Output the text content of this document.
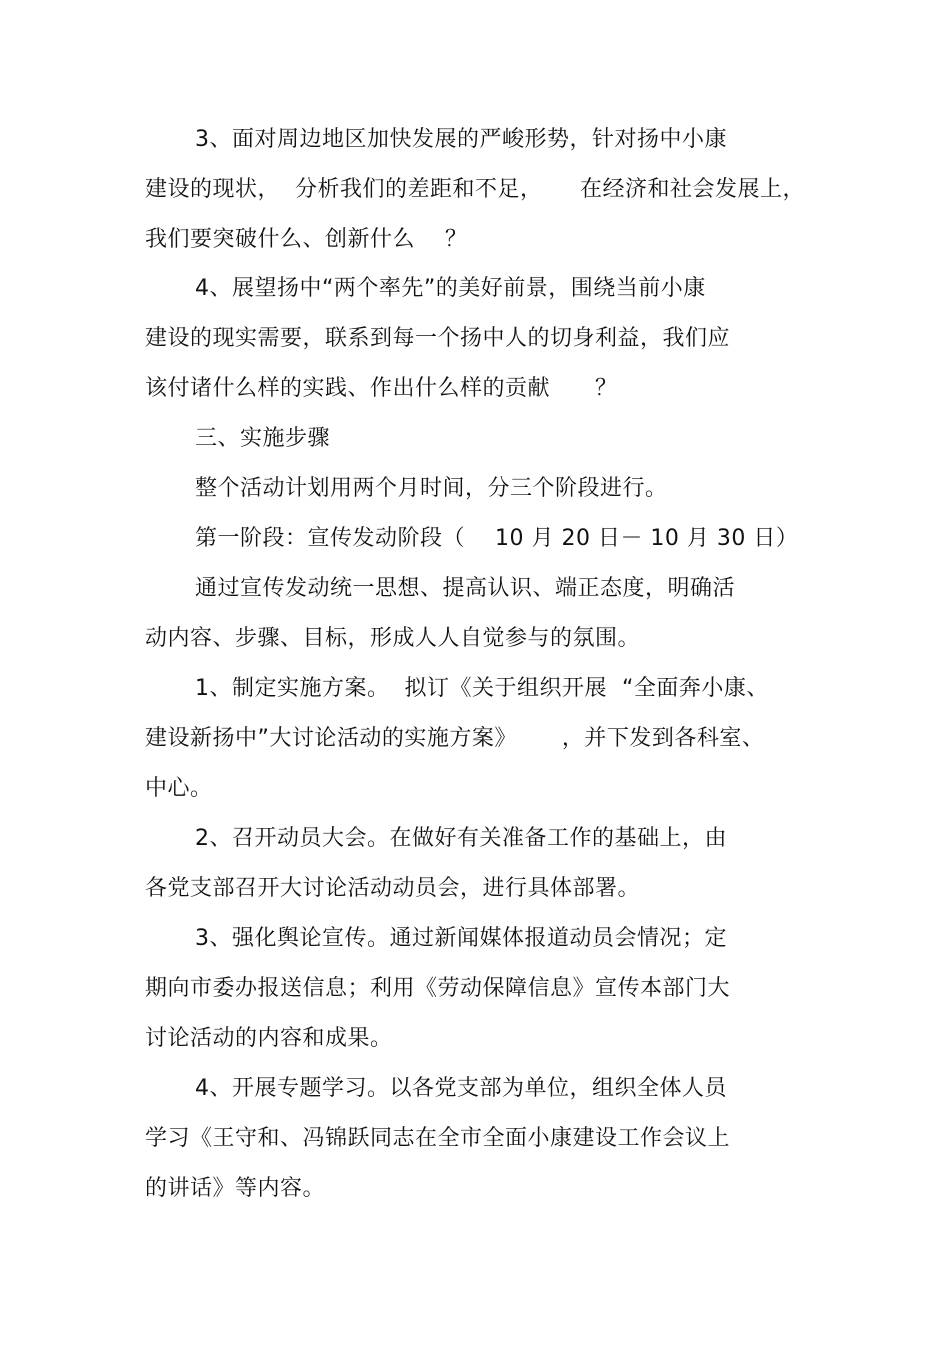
3、面对周边地区加快发展的严峻形势，针对扬中小康
建设的现状，  分析我们的差距和不足，     在经济和社会发展上，
我们要突破什么、创新什么    ？
4、展望扬中“两个率先”的美好前景，围绕当前小康
建设的现实需要，联系到每一个扬中人的切身利益，我们应
该付诸什么样的实践、作出什么样的贡献      ？
三、实施步骤
整个活动计划用两个月时间，分三个阶段进行。
第一阶段：宣传发动阶段（    10 月 20 日－ 10 月 30 日）
通过宣传发动统一思想、提高认识、端正态度，明确活
动内容、步骤、目标，形成人人自觉参与的氛围。
1、制定实施方案。  拟订《关于组织开展  “全面奔小康、
建设新扬中”大讨论活动的实施方案》      ，并下发到各科室、
中心。
2、召开动员大会。在做好有关准备工作的基础上，由
各党支部召开大讨论活动动员会，进行具体部署。
3、强化舆论宣传。通过新闻媒体报道动员会情况；定
期向市委办报送信息；利用《劳动保障信息》宣传本部门大
讨论活动的内容和成果。
4、开展专题学习。以各党支部为单位，组织全体人员
学习《王守和、冯锦跃同志在全市全面小康建设工作会议上
的讲话》等内容。
